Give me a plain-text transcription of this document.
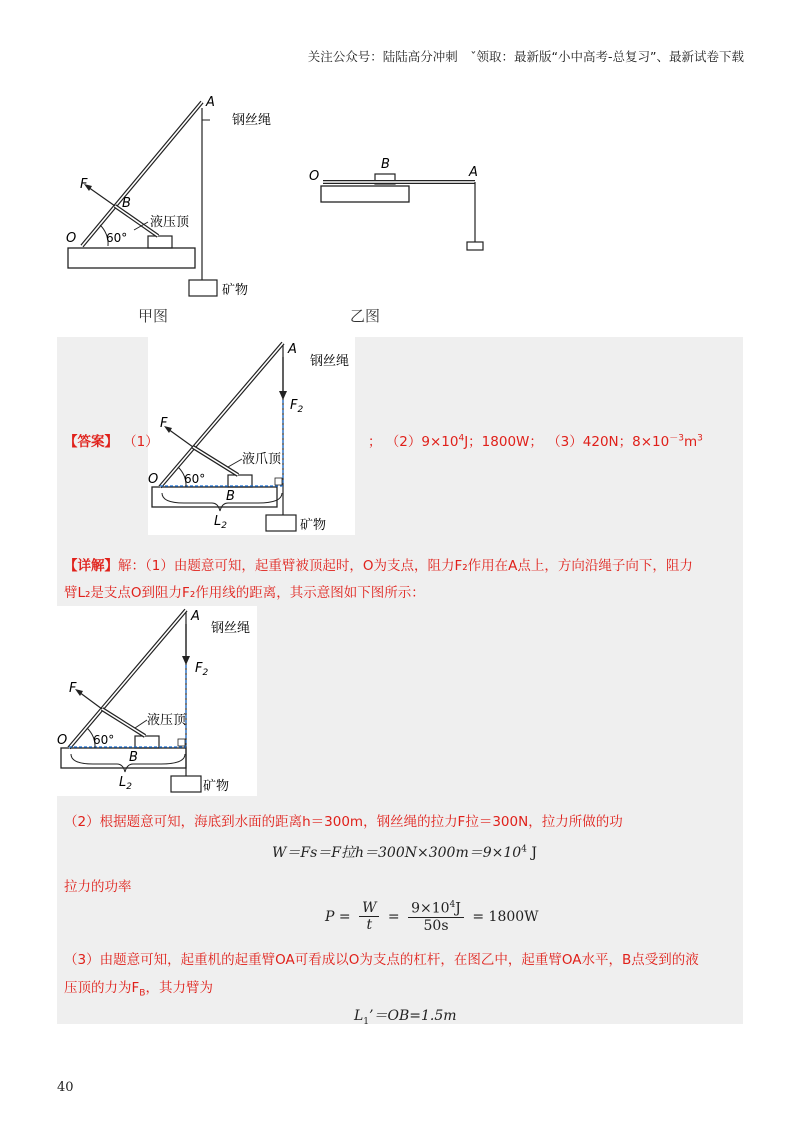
关注公众号：陆陆高分冲刺　ˇ领取：最新版“小中高考-总复习”、最新试卷下载
A
钢丝绳
F
B
液压顶
O 60°
矿物
O
B
A
甲图	乙图
A
钢丝绳
$F_2$
F
液爪顶
O 60°
B
$L_2$	矿物
【答案】 （1）	； $(2)9\times 10^4J$；1800W； （3）420N；$8\times 10^{-3}m^3$
【详解】解：（1）由题意可知，起重臂被顶起时，O为支点，阻力F₂作用在A点上，方向沿绳子向下，阻力
臂L₂是支点O到阻力F₂作用线的距离，其示意图如下图所示：
A
钢丝绳
$F_2$
F
液压顶
O 60°
B
$L_2$	矿物
（2）根据题意可知，海底到水面的距离h＝300m，钢丝绳的拉力F拉＝300N，拉力所做的功
W＝Fs＝F拉$h=300N\times 300m=9\times 10^4$ J
拉力的功率
$P = \frac{W}{t} = \frac{9\times 10^4J}{50s} = 1800W$
（3）由题意可知，起重机的起重臂OA可看成以O为支点的杠杆，在图乙中，起重臂OA水平，B点受到的液
压顶的力为$F_B$，其力臂为
$L_1’=OB=1.5m$
40
